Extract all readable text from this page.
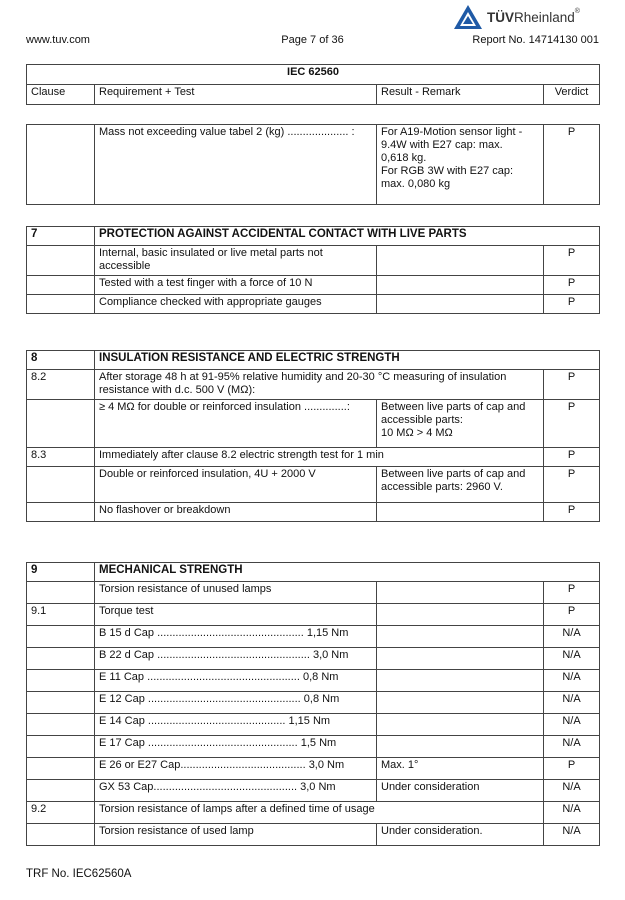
www.tuv.com	Page 7 of 36	Report No. 14714130 001
TÜVRheinland®
IEC 62560
Clause	Requirement + Test	Result - Remark	Verdict
	Mass not exceeding value tabel 2 (kg) .................... :	For A19-Motion sensor light -
9.4W with E27 cap: max.
0,618 kg.
For RGB 3W with E27 cap:
max. 0,080 kg
	P
7	PROTECTION AGAINST ACCIDENTAL CONTACT WITH LIVE PARTS		

	Internal, basic insulated or live metal parts not
accessible		P
	Tested with a test finger with a force of 10 N		P
	Compliance checked with appropriate gauges		P
8	INSULATION RESISTANCE AND ELECTRIC STRENGTH		
8.2	After storage 48 h at 91-95% relative humidity and 20-30 °C measuring of insulation
resistance with d.c. 500 V (MΩ):		P
	≥ 4 MΩ for double or reinforced insulation ..............:	Between live parts of cap and
accessible parts:
10 MΩ > 4 MΩ	P
8.3	Immediately after clause 8.2 electric strength test for 1 min		P
	Double or reinforced insulation, 4U + 2000 V	Between live parts of cap and
accessible parts: 2960 V.	P
	No flashover or breakdown		P
9	MECHANICAL STRENGTH		
	Torsion resistance of unused lamps		P
9.1	Torque test		P
	B 15 d Cap ................................................ 1,15 Nm		N/A
	B 22 d Cap .................................................. 3,0 Nm		N/A
	E 11 Cap .................................................. 0,8 Nm		N/A
	E 12 Cap .................................................. 0,8 Nm		N/A
	E 14 Cap ............................................. 1,15 Nm		N/A
	E 17 Cap ................................................. 1,5 Nm		N/A
	E 26 or E27 Cap......................................... 3,0 Nm	Max. 1°	P
	GX 53 Cap............................................... 3,0 Nm	Under consideration	N/A
9.2	Torsion resistance of lamps after a defined time of usage		N/A
	Torsion resistance of used lamp	Under consideration.	N/A
TRF No. IEC62560A
